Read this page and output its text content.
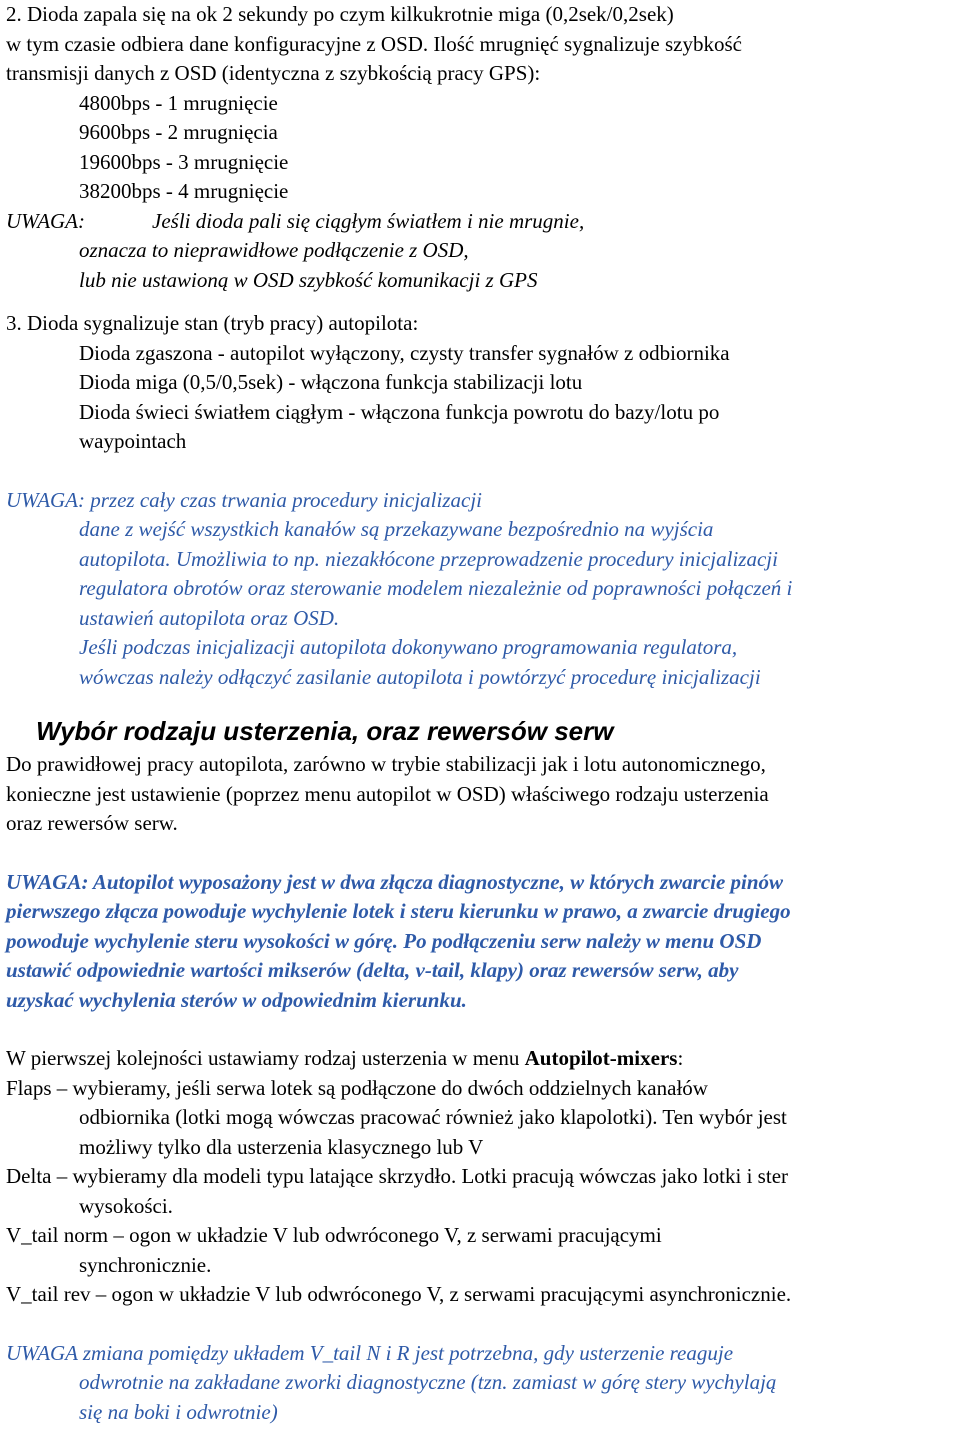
2. Dioda zapala się na ok 2 sekundy po czym kilkukrotnie miga (0,2sek/0,2sek)
w tym czasie odbiera dane konfiguracyjne z OSD. Ilość mrugnięć sygnalizuje szybkość
transmisji danych z OSD (identyczna z szybkością pracy GPS):
4800bps - 1 mrugnięcie
9600bps - 2 mrugnięcia
19600bps - 3 mrugnięcie
38200bps - 4 mrugnięcie
UWAGA:	Jeśli dioda pali się ciągłym światłem i nie mrugnie,
oznacza to nieprawidłowe podłączenie z OSD,
lub nie ustawioną w OSD szybkość komunikacji z GPS
3. Dioda sygnalizuje stan (tryb pracy) autopilota:
Dioda zgaszona - autopilot wyłączony, czysty transfer sygnałów z odbiornika
Dioda miga (0,5/0,5sek) - włączona funkcja stabilizacji lotu
Dioda świeci światłem ciągłym - włączona funkcja powrotu do bazy/lotu po
waypointach
UWAGA: przez cały czas trwania procedury inicjalizacji
dane z wejść wszystkich kanałów są przekazywane bezpośrednio na wyjścia
autopilota. Umożliwia to np. niezakłócone przeprowadzenie procedury inicjalizacji
regulatora obrotów oraz sterowanie modelem niezależnie od poprawności połączeń i
ustawień autopilota oraz OSD.
Jeśli podczas inicjalizacji autopilota dokonywano programowania regulatora,
wówczas należy odłączyć zasilanie autopilota i powtórzyć procedurę inicjalizacji
Wybór rodzaju usterzenia, oraz rewersów serw
Do prawidłowej pracy autopilota, zarówno w trybie stabilizacji jak i lotu autonomicznego,
konieczne jest ustawienie (poprzez menu autopilot w OSD) właściwego rodzaju usterzenia
oraz rewersów serw.
UWAGA: Autopilot wyposażony jest w dwa złącza diagnostyczne, w których zwarcie pinów
pierwszego złącza powoduje wychylenie lotek i steru kierunku w prawo, a zwarcie drugiego
powoduje wychylenie steru wysokości w górę. Po podłączeniu serw należy w menu OSD
ustawić odpowiednie wartości mikserów (delta, v-tail, klapy) oraz rewersów serw, aby
uzyskać wychylenia sterów w odpowiednim kierunku.
W pierwszej kolejności ustawiamy rodzaj usterzenia w menu Autopilot-mixers:
Flaps – wybieramy, jeśli serwa lotek są podłączone do dwóch oddzielnych kanałów
odbiornika (lotki mogą wówczas pracować również jako klapolotki). Ten wybór jest
możliwy tylko dla usterzenia klasycznego lub V
Delta – wybieramy dla modeli typu latające skrzydło. Lotki pracują wówczas jako lotki i ster
wysokości.
V_tail norm – ogon w układzie V lub odwróconego V, z serwami pracującymi
synchronicznie.
V_tail rev – ogon w układzie V lub odwróconego V, z serwami pracującymi asynchronicznie.
UWAGA zmiana pomiędzy układem V_tail N i R jest potrzebna, gdy usterzenie reaguje
odwrotnie na zakładane zworki diagnostyczne (tzn. zamiast w górę stery wychylają
się na boki i odwrotnie)
